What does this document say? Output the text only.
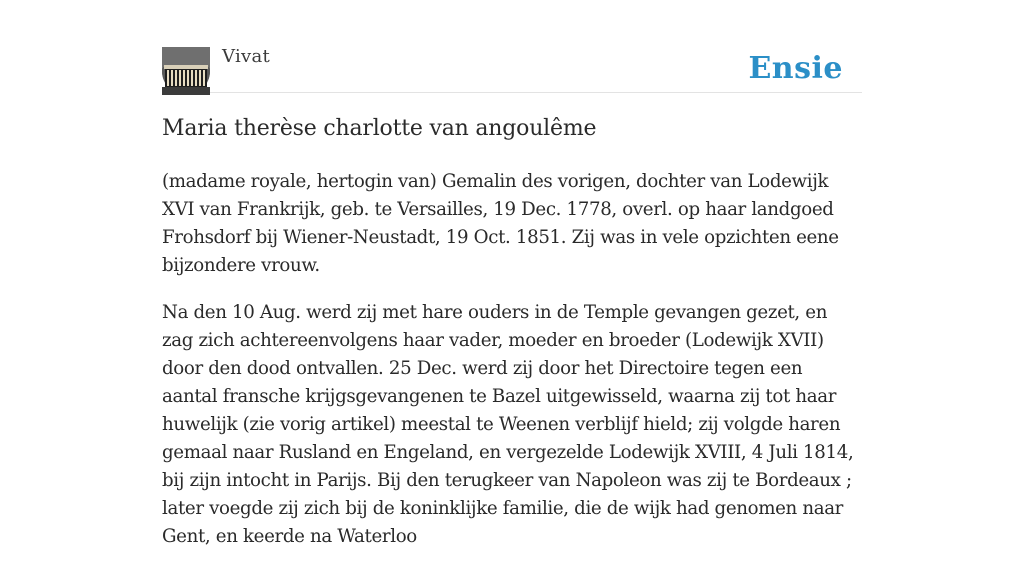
Vivat	Ensie
Maria therèse charlotte van angoulême

(madame royale, hertogin van) Gemalin des vorigen, dochter van Lodewijk XVI van Frankrijk, geb. te Versailles, 19 Dec. 1778, overl. op haar landgoed Frohsdorf bij Wiener-Neustadt, 19 Oct. 1851. Zij was in vele opzichten eene bijzondere vrouw.

Na den 10 Aug. werd zij met hare ouders in de Temple gevangen gezet, en zag zich achtereenvolgens haar vader, moeder en broeder (Lodewijk XVII) door den dood ontvallen. 25 Dec. werd zij door het Directoire tegen een aantal fransche krijgsgevangenen te Bazel uitgewisseld, waarna zij tot haar huwelijk (zie vorig artikel) meestal te Weenen verblijf hield; zij volgde haren gemaal naar Rusland en Engeland, en vergezelde Lodewijk XVIII, 4 Juli 1814, bij zijn intocht in Parijs. Bij den terugkeer van Napoleon was zij te Bordeaux ; later voegde zij zich bij de koninklijke familie, die de wijk had genomen naar Gent, en keerde na Waterloo
